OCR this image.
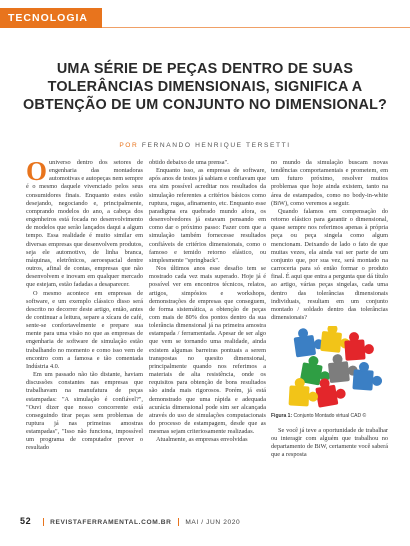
TECNOLOGIA
UMA SÉRIE DE PEÇAS DENTRO DE SUAS TOLERÂNCIAS DIMENSIONAIS, SIGNIFICA A OBTENÇÃO DE UM CONJUNTO NO DIMENSIONAL?
POR FERNANDO HENRIQUE TERSETTI

Ouniverso dentro dos setores de engenharia das montadoras automotivas e autopeças nem sempre é o mesmo daquele vivenciado pelos seus consumidores finais. Enquanto estes estão desejando, negociando e, principalmente, comprando modelos do ano, a cabeça dos engenheiros está focada no desenvolvimento de modelos que serão lançados daqui a algum tempo. Essa realidade é muito similar em diversas empresas que desenvolvem produtos, seja ele automotivo, de linha branca, máquinas, eletrônicos, aeroespacial dentre outros, afinal de contas, empresas que não desenvolvem e inovam em qualquer mercado que estejam, estão fadadas a desaparecer.

O mesmo acontece em empresas de software, e um exemplo clássico disso será descrito no decorrer deste artigo, então, antes de continuar a leitura, separe a xícara de café, sente-se confortavelmente e prepare sua mente para uma visão no que as empresas de engenharia de software de simulação estão trabalhando no momento e como isso vem de encontro com a famosa e tão comentada Indústria 4.0.

Em um passado não tão distante, haviam discussões constantes nas empresas que trabalhavam na manufatura de peças estampadas: "A simulação é confiável?", "Ouvi dizer que nosso concorrente está conseguindo tirar peças sem problemas de ruptura já nas primeiras amostras estampadas", "Isso não funciona, impossível um programa de computador prever o resultado

obtido debaixo de uma prensa".

Enquanto isso, as empresas de software, após anos de testes já sabiam e confiavam que era sim possível acreditar nos resultados da simulação referentes a critérios básicos como ruptura, rugas, afinamento, etc. Enquanto esse paradigma era quebrado mundo afora, os desenvolvedores já estavam pensando em como dar o próximo passo: Fazer com que a simulação também fornecesse resultados confiáveis de critérios dimensionais, como o famoso e temido retorno elástico, ou simplesmente "springback".

Nos últimos anos esse desafio tem se mostrado cada vez mais superado. Hoje já é possível ver em encontros técnicos, relatos, artigos, simpósios e workshops, demonstrações de empresas que conseguem, de forma sistemática, a obtenção de peças com mais de 80% dos pontos dentro da sua tolerância dimensional já na primeira amostra estampada / ferramentada. Apesar de ser algo que vem se tornando uma realidade, ainda existem algumas barreiras pontuais a serem transpostas no quesito dimensional, principalmente quando nos referimos a materiais de alta resistência, onde os requisitos para obtenção de bons resultados são ainda mais rigorosos. Porém, já está demonstrado que uma rápida e adequada acurácia dimensional pode sim ser alcançada através do uso de simulações computacionais do processo de estampagem, desde que as mesmas sejam criteriosamente realizadas.

Atualmente, as empresas envolvidas

no mundo da simulação buscam novas tendências comportamentais e prometem, em um futuro próximo, resolver muitos problemas que hoje ainda existem, tanto na área de estampados, como no body-in-white (BiW), como veremos a seguir.

Quando falamos em compensação do retorno elástico para garantir o dimensional, quase sempre nos referimos apenas à própria peça ou peça singela como algum mencionam. Deixando de lado o fato de que muitas vezes, ela ainda vai ser parte de um conjunto que, por sua vez, será montado na carroceria para só então formar o produto final. É aqui que entra a pergunta que dá título ao artigo, várias peças singelas, cada uma dentro das tolerâncias dimensionais individuais, resultam em um conjunto montado / soldado dentro das tolerâncias dimensionais?

Figura 1: Conjunto Montado virtual CAD ©

Se você já teve a oportunidade de trabalhar ou interagir com alguém que trabalhou no departamento de BiW, certamente você saberá que a resposta

52	REVISTAFERRAMENTAL.COM.BR MAI / JUN 2020
